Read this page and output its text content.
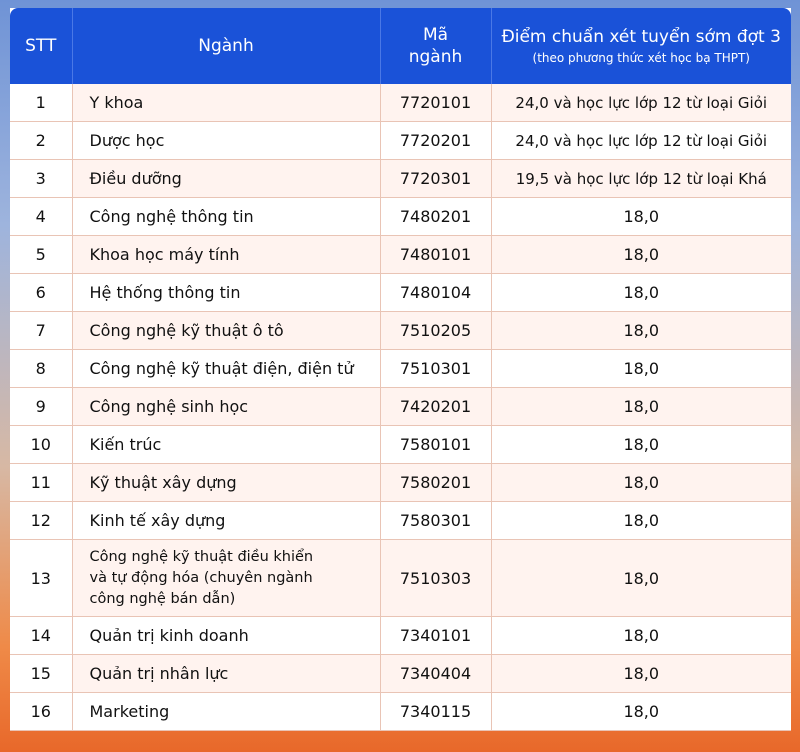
STT	Ngành	Mã ngành	Điểm chuẩn xét tuyển sớm đợt 3
(theo phương thức xét học bạ THPT)

1	Y khoa	7720101	24,0 và học lực lớp 12 từ loại Giỏi
2	Dược học	7720201	24,0 và học lực lớp 12 từ loại Giỏi
3	Điều dưỡng	7720301	19,5 và học lực lớp 12 từ loại Khá
4	Công nghệ thông tin	7480201	18,0
5	Khoa học máy tính	7480101	18,0
6	Hệ thống thông tin	7480104	18,0
7	Công nghệ kỹ thuật ô tô	7510205	18,0
8	Công nghệ kỹ thuật điện, điện tử	7510301	18,0
9	Công nghệ sinh học	7420201	18,0
10	Kiến trúc	7580101	18,0
11	Kỹ thuật xây dựng	7580201	18,0
12	Kinh tế xây dựng	7580301	18,0
13	Công nghệ kỹ thuật điều khiển
và tự động hóa (chuyên ngành
công nghệ bán dẫn)	7510303	18,0
14	Quản trị kinh doanh	7340101	18,0
15	Quản trị nhân lực	7340404	18,0
16	Marketing	7340115	18,0
